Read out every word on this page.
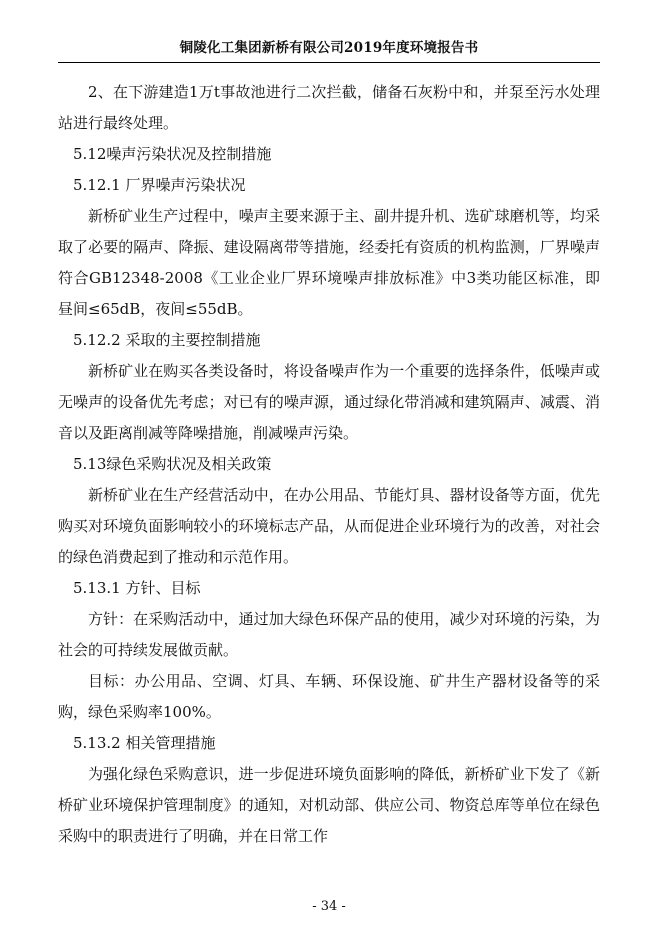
铜陵化工集团新桥有限公司2019年度环境报告书

2、在下游建造1万t事故池进行二次拦截，储备石灰粉中和，并泵至污水处理站进行最终处理。

5.12噪声污染状况及控制措施

5.12.1 厂界噪声污染状况

新桥矿业生产过程中，噪声主要来源于主、副井提升机、选矿球磨机等，均采取了必要的隔声、降振、建设隔离带等措施，经委托有资质的机构监测，厂界噪声符合GB12348-2008《工业企业厂界环境噪声排放标准》中3类功能区标准，即昼间≤65dB，夜间≤55dB。

5.12.2 采取的主要控制措施

新桥矿业在购买各类设备时，将设备噪声作为一个重要的选择条件，低噪声或无噪声的设备优先考虑；对已有的噪声源，通过绿化带消减和建筑隔声、减震、消音以及距离削减等降噪措施，削减噪声污染。

5.13绿色采购状况及相关政策

新桥矿业在生产经营活动中，在办公用品、节能灯具、器材设备等方面，优先购买对环境负面影响较小的环境标志产品，从而促进企业环境行为的改善，对社会的绿色消费起到了推动和示范作用。

5.13.1 方针、目标

方针：在采购活动中，通过加大绿色环保产品的使用，减少对环境的污染，为社会的可持续发展做贡献。

目标：办公用品、空调、灯具、车辆、环保设施、矿井生产器材设备等的采购，绿色采购率100%。

5.13.2 相关管理措施

为强化绿色采购意识，进一步促进环境负面影响的降低，新桥矿业下发了《新桥矿业环境保护管理制度》的通知，对机动部、供应公司、物资总库等单位在绿色采购中的职责进行了明确，并在日常工作

- 34 -
